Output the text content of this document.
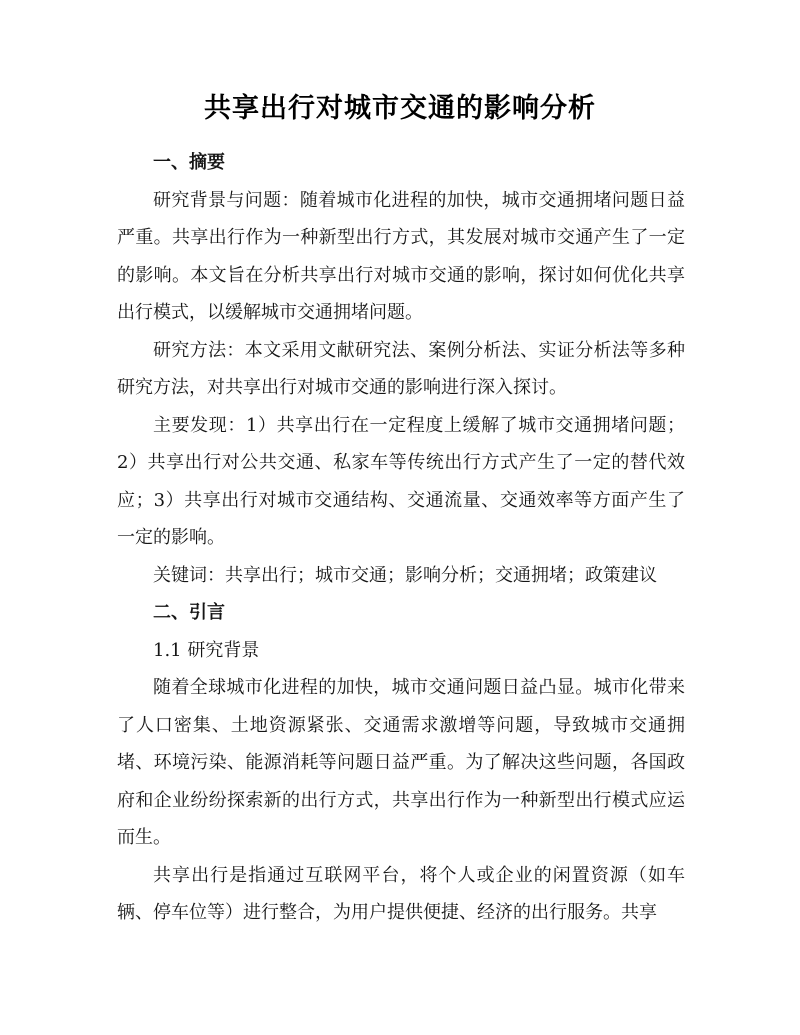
共享出行对城市交通的影响分析

一、摘要

研究背景与问题：随着城市化进程的加快，城市交通拥堵问题日益严重。共享出行作为一种新型出行方式，其发展对城市交通产生了一定的影响。本文旨在分析共享出行对城市交通的影响，探讨如何优化共享出行模式，以缓解城市交通拥堵问题。

研究方法：本文采用文献研究法、案例分析法、实证分析法等多种研究方法，对共享出行对城市交通的影响进行深入探讨。

主要发现：1）共享出行在一定程度上缓解了城市交通拥堵问题；2）共享出行对公共交通、私家车等传统出行方式产生了一定的替代效应；3）共享出行对城市交通结构、交通流量、交通效率等方面产生了一定的影响。

关键词：共享出行；城市交通；影响分析；交通拥堵；政策建议

二、引言

1.1 研究背景

随着全球城市化进程的加快，城市交通问题日益凸显。城市化带来了人口密集、土地资源紧张、交通需求激增等问题，导致城市交通拥堵、环境污染、能源消耗等问题日益严重。为了解决这些问题，各国政府和企业纷纷探索新的出行方式，共享出行作为一种新型出行模式应运而生。

共享出行是指通过互联网平台，将个人或企业的闲置资源（如车辆、停车位等）进行整合，为用户提供便捷、经济的出行服务。共享
